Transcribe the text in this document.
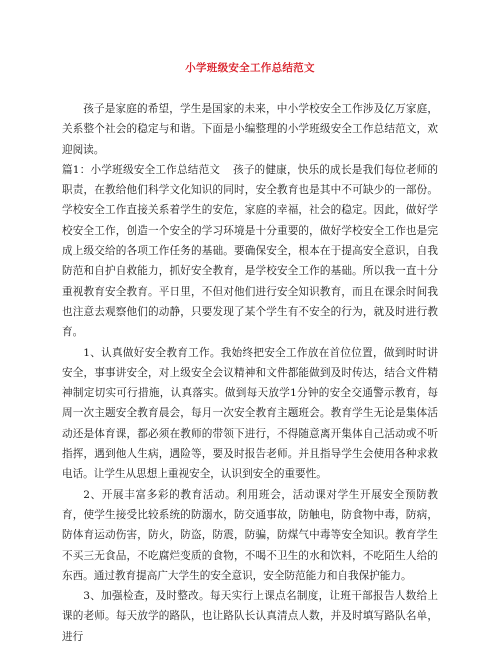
小学班级安全工作总结范文

孩子是家庭的希望，学生是国家的未来，中小学校安全工作涉及亿万家庭，关系整个社会的稳定与和谐。下面是小编整理的小学班级安全工作总结范文，欢迎阅读。

篇1：小学班级安全工作总结范文 孩子的健康，快乐的成长是我们每位老师的职责，在教给他们科学文化知识的同时，安全教育也是其中不可缺少的一部份。学校安全工作直接关系着学生的安危，家庭的幸福，社会的稳定。因此，做好学校安全工作，创造一个安全的学习环境是十分重要的，做好学校安全工作也是完成上级交给的各项工作任务的基础。要确保安全，根本在于提高安全意识，自我防范和自护自救能力，抓好安全教育，是学校安全工作的基础。所以我一直十分重视教育安全教育。平日里，不但对他们进行安全知识教育，而且在课余时间我也注意去观察他们的动静，只要发现了某个学生有不安全的行为，就及时进行教育。

1、认真做好安全教育工作。我始终把安全工作放在首位位置，做到时时讲安全，事事讲安全，对上级安全会议精神和文件都能做到及时传达，结合文件精神制定切实可行措施，认真落实。做到每天放学1分钟的安全交通警示教育，每周一次主题安全教育晨会，每月一次安全教育主题班会。教育学生无论是集体活动还是体育课，都必须在教师的带领下进行，不得随意离开集体自己活动或不听指挥，遇到他人生病，遇险等，要及时报告老师。并且指导学生会使用各种求救电话。让学生从思想上重视安全，认识到安全的重要性。

2、开展丰富多彩的教育活动。利用班会，活动课对学生开展安全预防教育，使学生接受比较系统的防溺水，防交通事故，防触电，防食物中毒，防病，防体育运动伤害，防火，防盗，防震，防骗，防煤气中毒等安全知识。教育学生不买三无食品，不吃腐烂变质的食物，不喝不卫生的水和饮料，不吃陌生人给的东西。通过教育提高广大学生的安全意识，安全防范能力和自我保护能力。

3、加强检查，及时整改。每天实行上课点名制度，让班干部报告人数给上课的老师。每天放学的路队，也让路队长认真清点人数，并及时填写路队名单，进行
